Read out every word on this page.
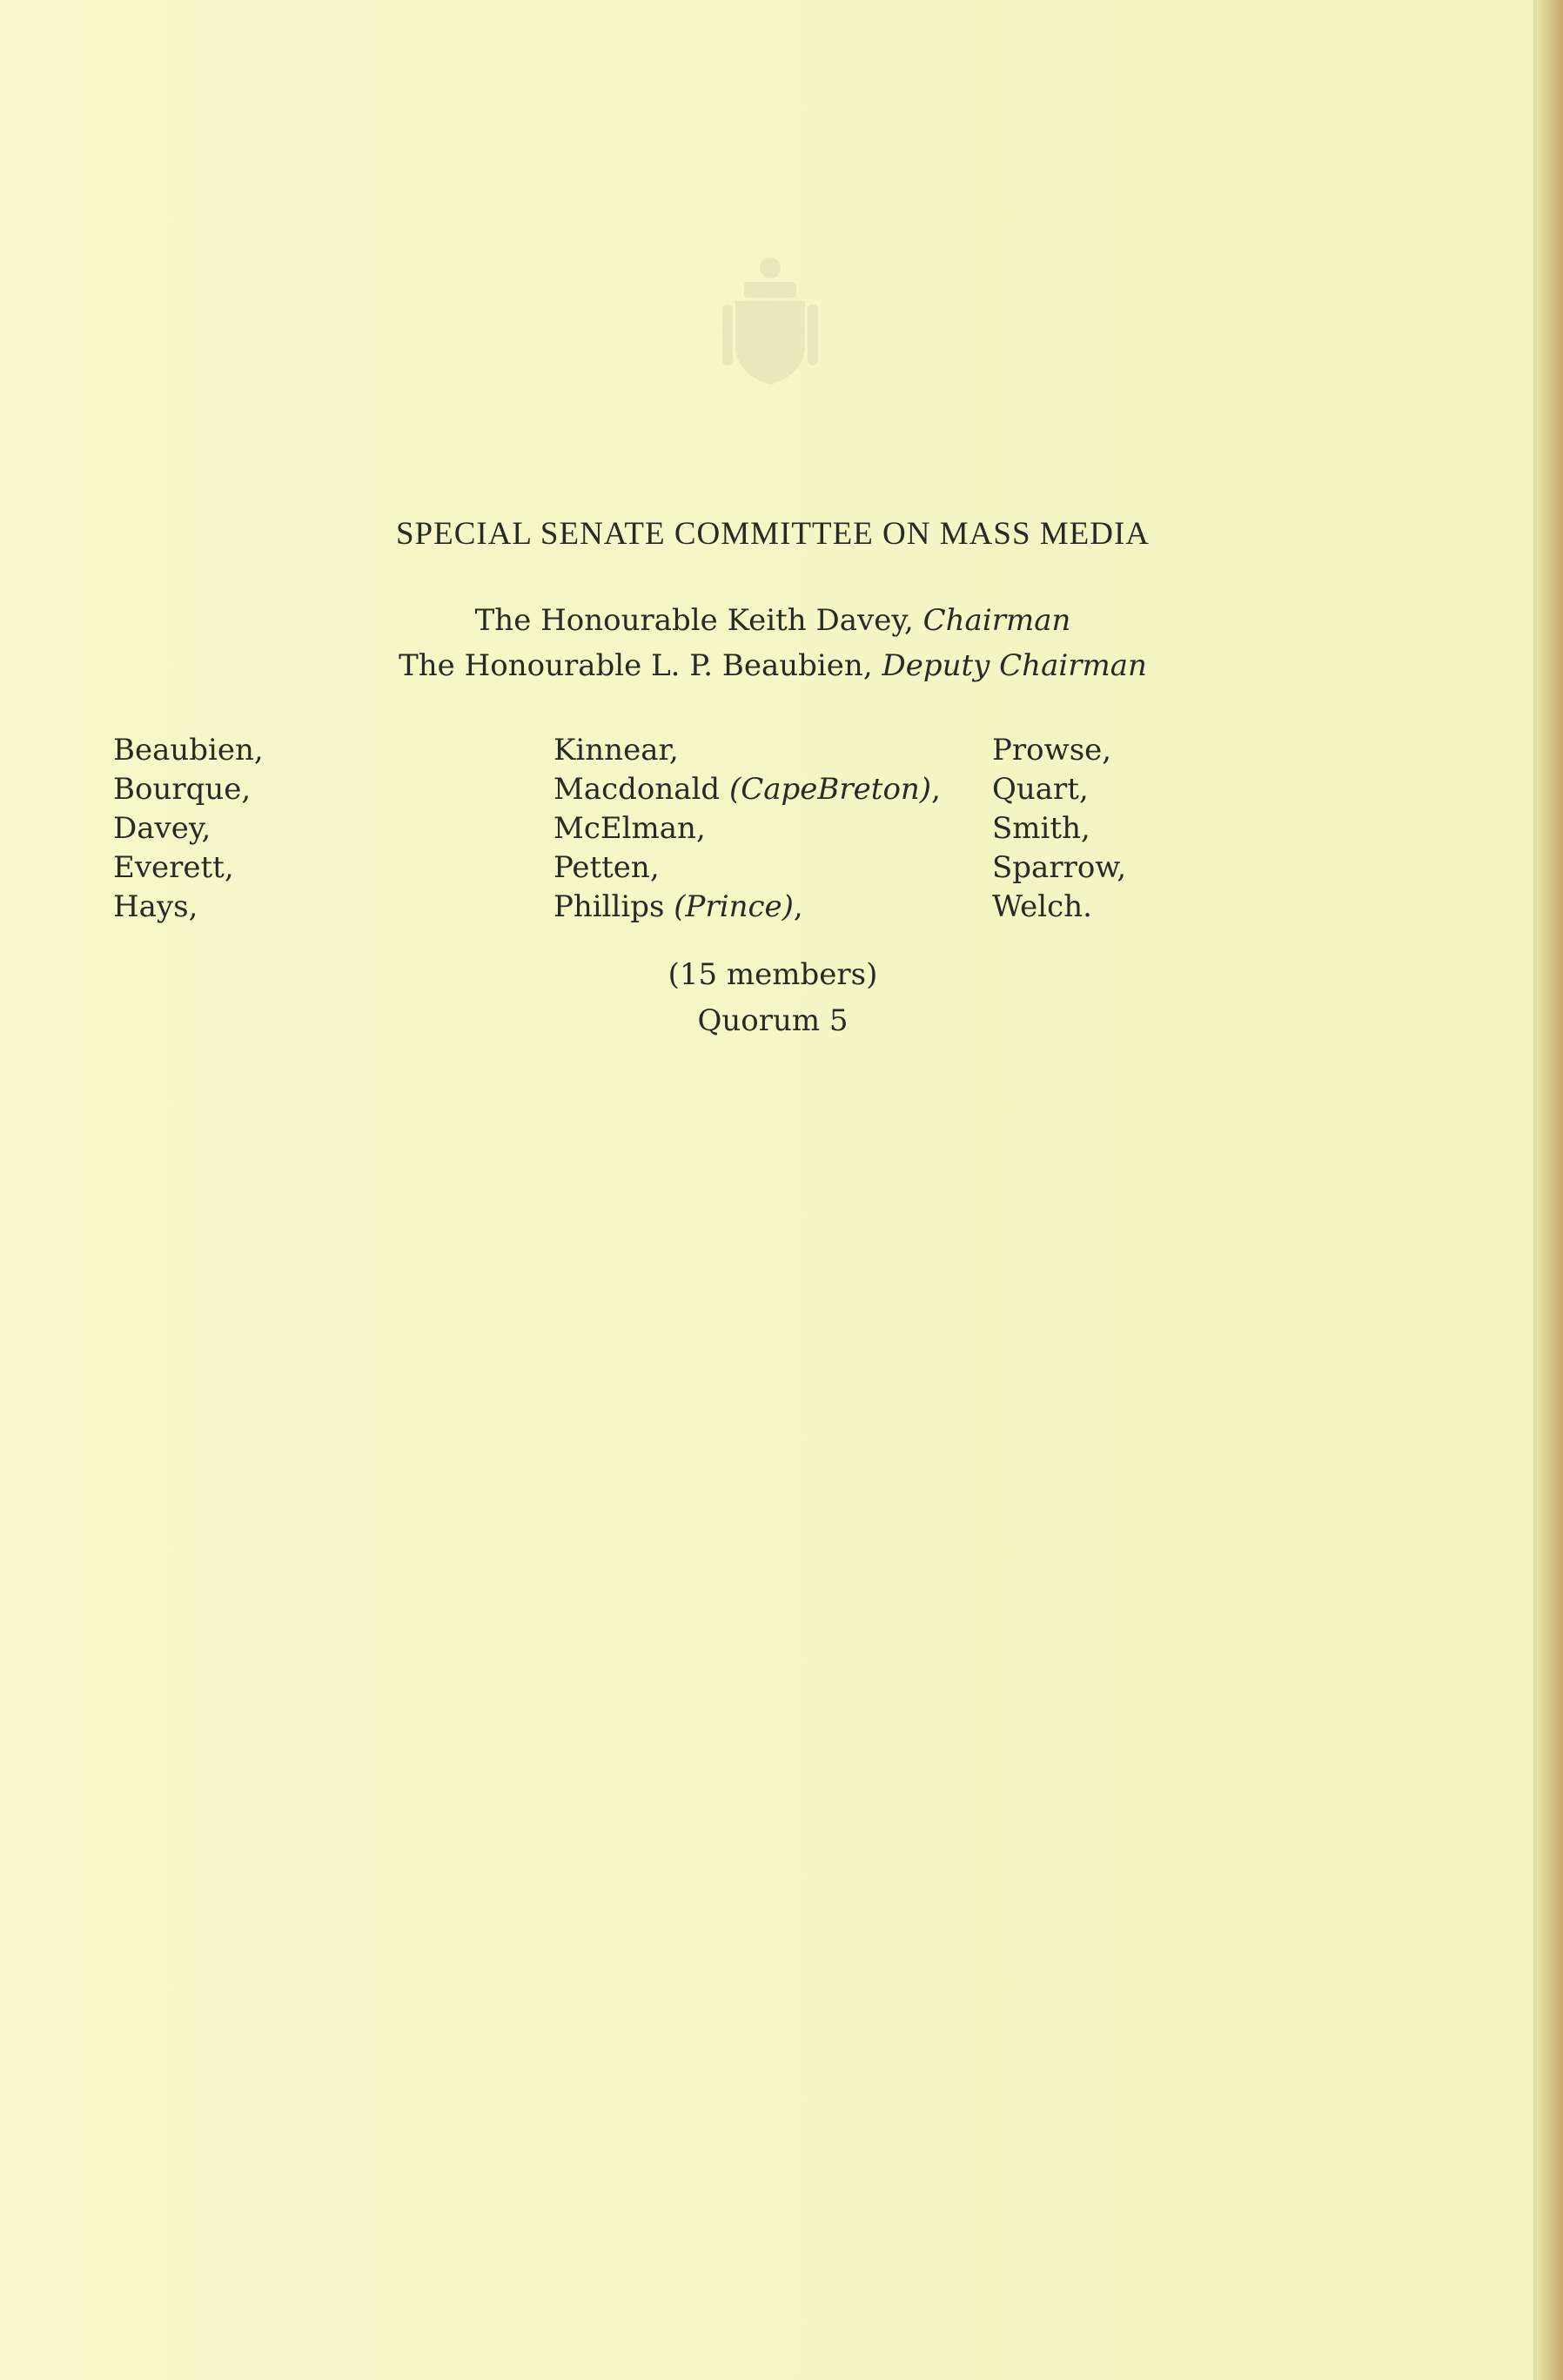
SPECIAL SENATE COMMITTEE ON MASS MEDIA
The Honourable Keith Davey, Chairman
The Honourable L. P. Beaubien, Deputy Chairman
Beaubien,
Bourque,
Davey,
Everett,
Hays,
Kinnear,
Macdonald (CapeBreton),
McElman,
Petten,
Phillips (Prince),
Prowse,
Quart,
Smith,
Sparrow,
Welch.
(15 members)
Quorum 5
